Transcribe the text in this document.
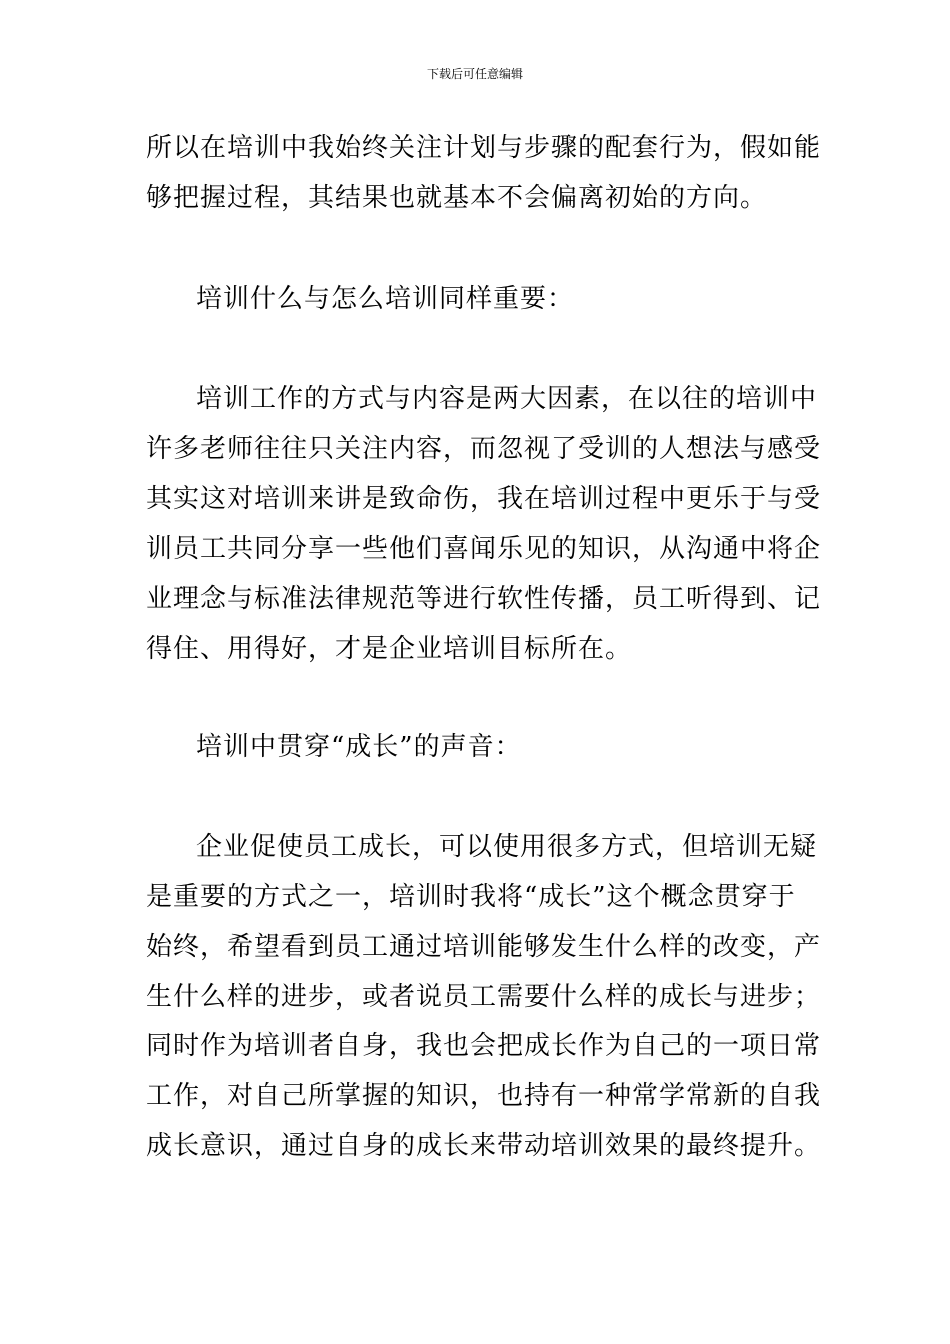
下载后可任意编辑
所以在培训中我始终关注计划与步骤的配套行为，假如能
够把握过程，其结果也就基本不会偏离初始的方向。
培训什么与怎么培训同样重要：
培训工作的方式与内容是两大因素，在以往的培训中
许多老师往往只关注内容，而忽视了受训的人想法与感受
其实这对培训来讲是致命伤，我在培训过程中更乐于与受
训员工共同分享一些他们喜闻乐见的知识，从沟通中将企
业理念与标准法律规范等进行软性传播，员工听得到、记
得住、用得好，才是企业培训目标所在。
培训中贯穿“成长”的声音：
企业促使员工成长，可以使用很多方式，但培训无疑
是重要的方式之一，培训时我将“成长”这个概念贯穿于
始终，希望看到员工通过培训能够发生什么样的改变，产
生什么样的进步，或者说员工需要什么样的成长与进步；
同时作为培训者自身，我也会把成长作为自己的一项日常
工作，对自己所掌握的知识，也持有一种常学常新的自我
成长意识，通过自身的成长来带动培训效果的最终提升。
